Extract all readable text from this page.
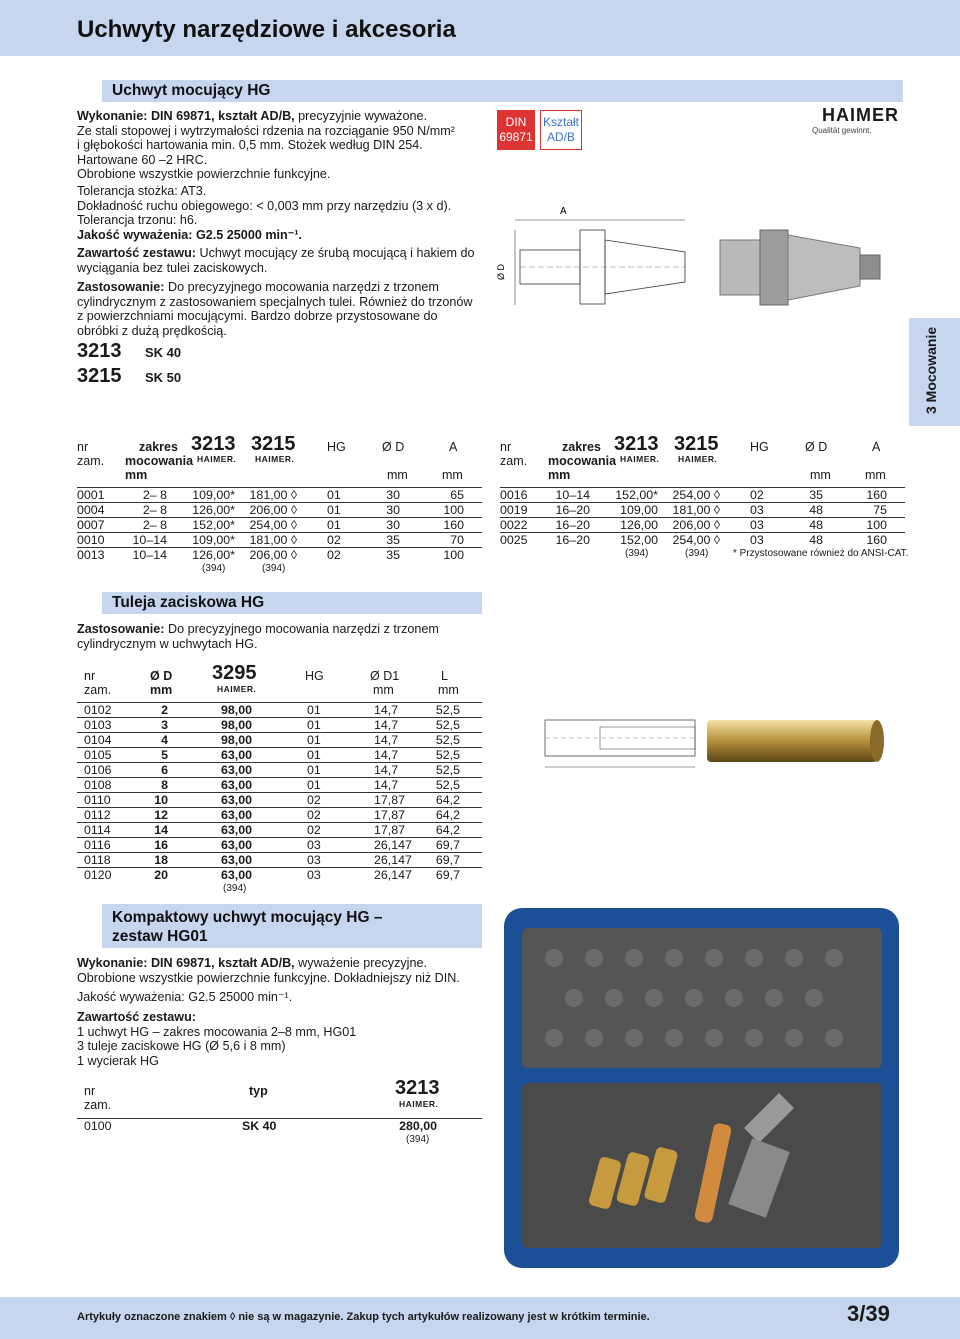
Uchwyty narzędziowe i akcesoria
Uchwyt mocujący HG
Wykonanie: DIN 69871, kształt AD/B, precyzyjnie wyważone.
Ze stali stopowej i wytrzymałości rdzenia na rozciąganie 950 N/mm²
i głębokości hartowania min. 0,5 mm. Stożek według DIN 254.
Hartowane 60 –2 HRC.
Obrobione wszystkie powierzchnie funkcyjne.
Tolerancja stożka: AT3.
Dokładność ruchu obiegowego: < 0,003 mm przy narzędziu (3 x d).
Tolerancja trzonu: h6.
Jakość wyważenia: G2.5 25000 min⁻¹.
Zawartość zestawu: Uchwyt mocujący ze śrubą mocującą i hakiem do
wyciągania bez tulei zaciskowych.
Zastosowanie: Do precyzyjnego mocowania narzędzi z trzonem
cylindrycznym z zastosowaniem specjalnych tulei. Również do trzonów
z powierzchniami mocującymi. Bardzo dobrze przystosowane do
obróbki z dużą prędkością.
3213 SK 40
3215 SK 50
DIN
69871
Kształt
AD/B
HAIMER
Qualität gewinnt.
A
Ø D
3 Mocowanie
nr
zam.
zakres
mocowania
mm
3213 3215
HAIMER. HAIMER.
HG	Ø D
mm
A
mm
0001	2– 8 109,00* 181,00 ◊ 01	30	65
0004	2– 8 126,00* 206,00 ◊ 01	30	100
0007	2– 8 152,00* 254,00 ◊ 01	30	160
0010 10–14 109,00* 181,00 ◊ 02	35	70
0013 10–14 126,00* 206,00 ◊ 02	35	100
(394)	(394)
nr
zam.
zakres
mocowania
mm
3213 3215
HAIMER. HAIMER.
HG	Ø D
mm
A
mm
0016 10–14 152,00* 254,00 ◊ 02	35	160
0019 16–20 109,00 181,00 ◊ 03	48	75
0022 16–20 126,00 206,00 ◊ 03	48	100
0025 16–20 152,00 254,00 ◊ 03	48	160
(394)	(394) * Przystosowane również do ANSI-CAT.
Tuleja zaciskowa HG
Zastosowanie: Do precyzyjnego mocowania narzędzi z trzonem
cylindrycznym w uchwytach HG.
nr
zam.
Ø D
mm
3295
HAIMER.
HG	Ø D1
mm
L
mm
0102	2	98,00	01	14,7	52,5
0103	3	98,00	01	14,7	52,5
0104	4	98,00	01	14,7	52,5
0105	5	63,00	01	14,7	52,5
0106	6	63,00	01	14,7	52,5
0108	8	63,00	01	14,7	52,5
0110	10	63,00	02	17,87 64,2
0112	12	63,00	02	17,87 64,2
0114	14	63,00	02	17,87 64,2
0116	16	63,00	03	26,147 69,7
0118	18	63,00	03	26,147 69,7
0120	20	63,00	03	26,147 69,7
(394)
Kompaktowy uchwyt mocujący HG –
zestaw HG01
Wykonanie: DIN 69871, kształt AD/B, wyważenie precyzyjne.
Obrobione wszystkie powierzchnie funkcyjne. Dokładniejszy niż DIN.
Jakość wyważenia: G2.5 25000 min⁻¹.
Zawartość zestawu:
1 uchwyt HG – zakres mocowania 2–8 mm, HG01
3 tuleje zaciskowe HG (Ø 5,6 i 8 mm)
1 wycierak HG
nr
zam.
typ	3213
HAIMER.
0100	SK 40	280,00
(394)
Artykuły oznaczone znakiem ◊ nie są w magazynie. Zakup tych artykułów realizowany jest w krótkim terminie.	3/39
